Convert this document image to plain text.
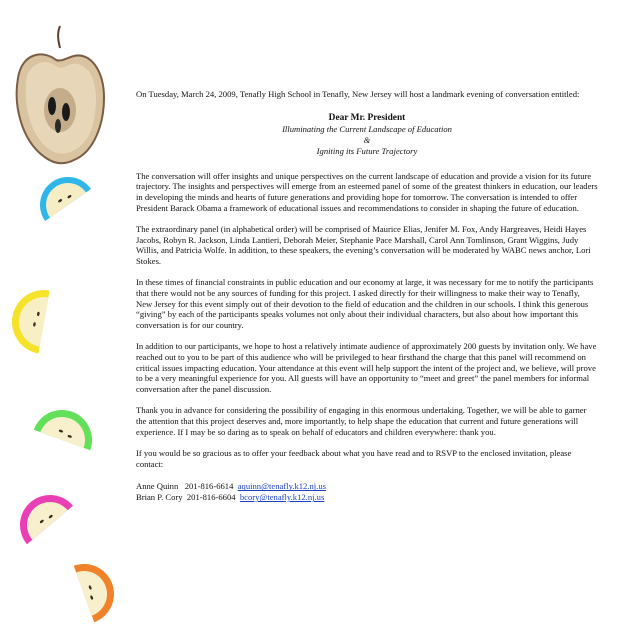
On Tuesday, March 24, 2009, Tenafly High School in Tenafly, New Jersey will host a landmark evening of conversation entitled:

Dear Mr. President
Illuminating the Current Landscape of Education
&
Igniting its Future Trajectory

The conversation will offer insights and unique perspectives on the current landscape of education and provide a vision for its future trajectory. The insights and perspectives will emerge from an esteemed panel of some of the greatest thinkers in education, our leaders in developing the minds and hearts of future generations and providing hope for tomorrow. The conversation is intended to offer President Barack Obama a framework of educational issues and recommendations to consider in shaping the future of education.

The extraordinary panel (in alphabetical order) will be comprised of Maurice Elias, Jenifer M. Fox, Andy Hargreaves, Heidi Hayes Jacobs, Robyn R. Jackson, Linda Lantieri, Deborah Meier, Stephanie Pace Marshall, Carol Ann Tomlinson, Grant Wiggins, Judy Willis, and Patricia Wolfe. In addition, to these speakers, the evening’s conversation will be moderated by WABC news anchor, Lori Stokes.

In these times of financial constraints in public education and our economy at large, it was necessary for me to notify the participants that there would not be any sources of funding for this project. I asked directly for their willingness to make their way to Tenafly, New Jersey for this event simply out of their devotion to the field of education and the children in our schools. I think this generous “giving” by each of the participants speaks volumes not only about their individual characters, but also about how important this conversation is for our country.

In addition to our participants, we hope to host a relatively intimate audience of approximately 200 guests by invitation only. We have reached out to you to be part of this audience who will be privileged to hear firsthand the charge that this panel will recommend on critical issues impacting education. Your attendance at this event will help support the intent of the project and, we believe, will prove to be a very meaningful experience for you. All guests will have an opportunity to “meet and greet” the panel members for informal conversation after the panel discussion.

Thank you in advance for considering the possibility of engaging in this enormous undertaking. Together, we will be able to garner the attention that this project deserves and, more importantly, to help shape the education that current and future generations will experience. If I may be so daring as to speak on behalf of educators and children everywhere: thank you.

If you would be so gracious as to offer your feedback about what you have read and to RSVP to the enclosed invitation, please contact:

Anne Quinn 201-816-6614 aquinn@tenafly.k12.nj.us
Brian P. Cory 201-816-6604 bcory@tenafly.k12.nj.us
